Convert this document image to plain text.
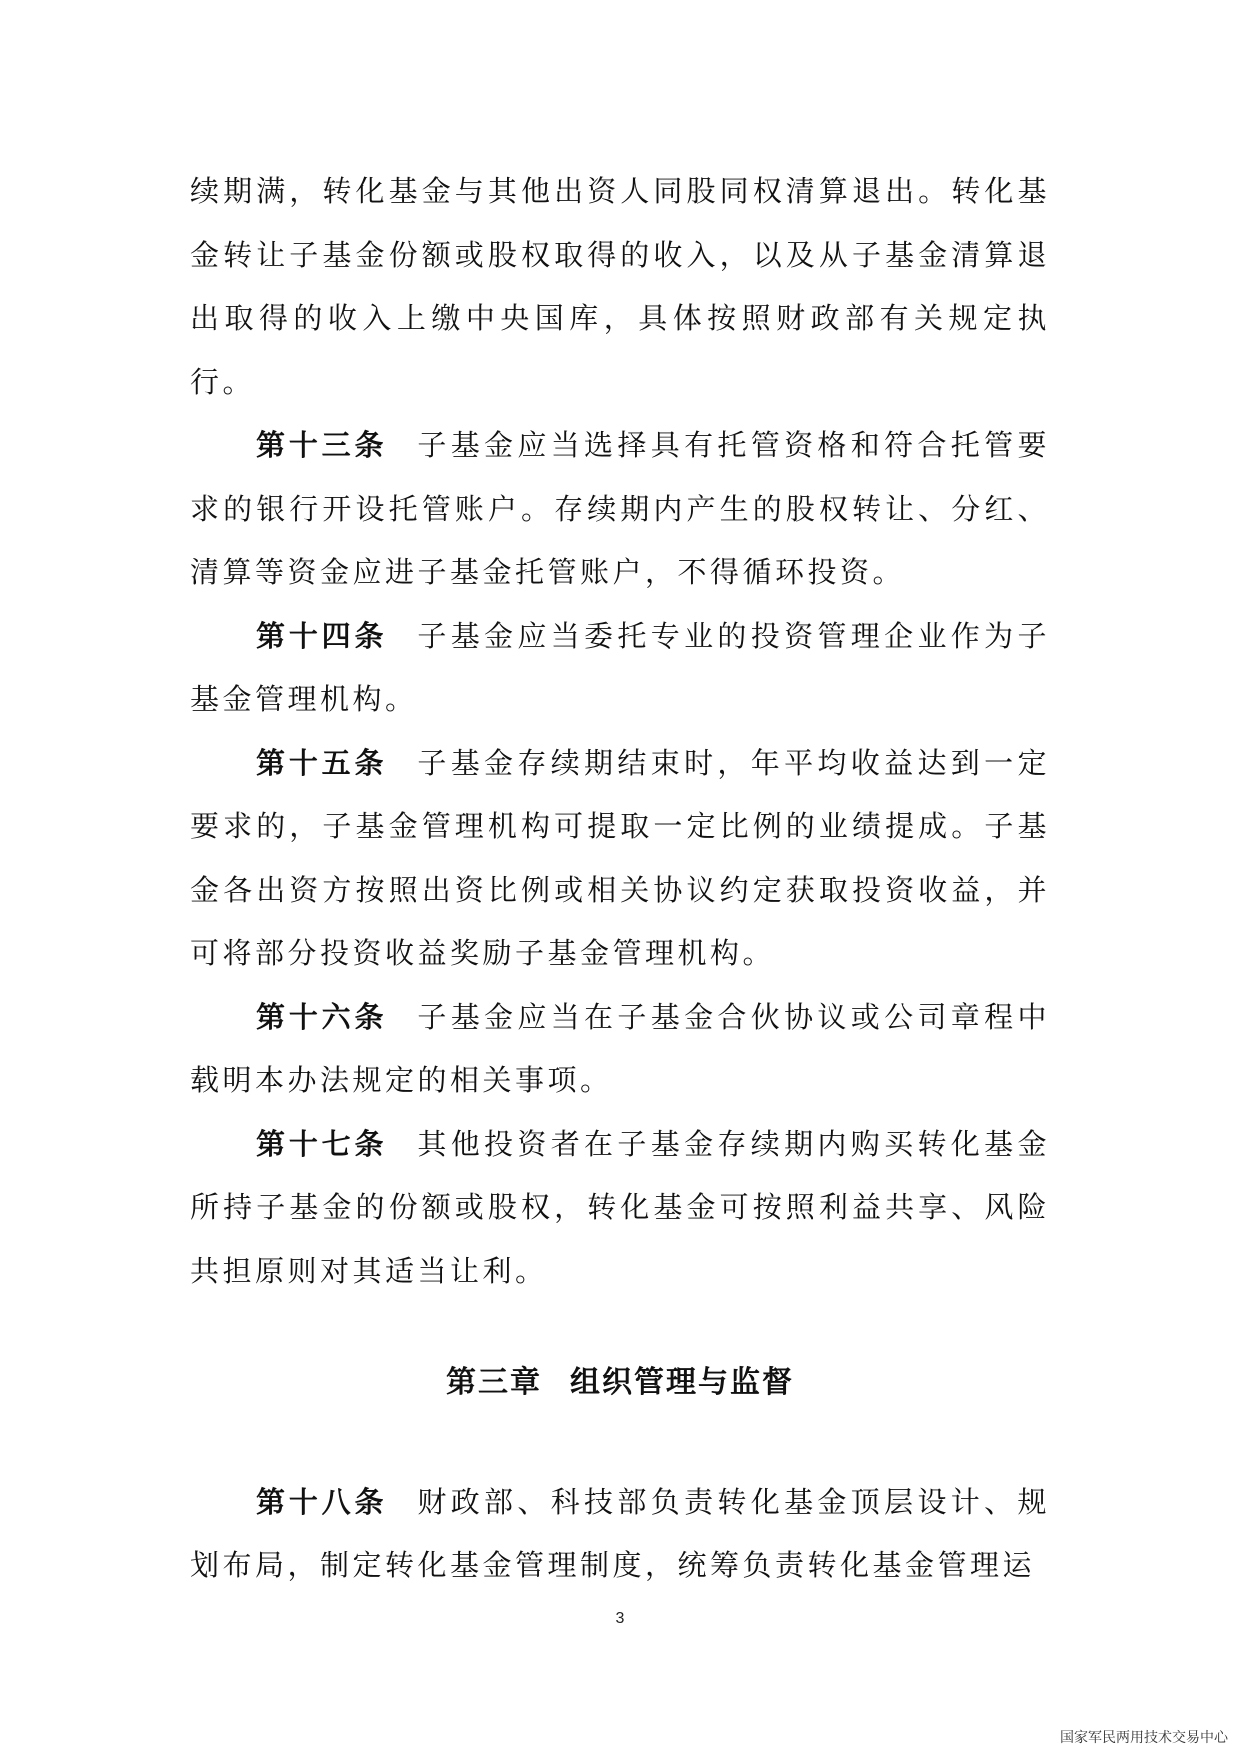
续期满，转化基金与其他出资人同股同权清算退出。转化基金转让子基金份额或股权取得的收入，以及从子基金清算退出取得的收入上缴中央国库，具体按照财政部有关规定执行。

第十三条 子基金应当选择具有托管资格和符合托管要求的银行开设托管账户。存续期内产生的股权转让、分红、清算等资金应进子基金托管账户，不得循环投资。

第十四条 子基金应当委托专业的投资管理企业作为子基金管理机构。

第十五条 子基金存续期结束时，年平均收益达到一定要求的，子基金管理机构可提取一定比例的业绩提成。子基金各出资方按照出资比例或相关协议约定获取投资收益，并可将部分投资收益奖励子基金管理机构。

第十六条 子基金应当在子基金合伙协议或公司章程中载明本办法规定的相关事项。

第十七条 其他投资者在子基金存续期内购买转化基金所持子基金的份额或股权，转化基金可按照利益共享、风险共担原则对其适当让利。

第三章 组织管理与监督

第十八条 财政部、科技部负责转化基金顶层设计、规划布局，制定转化基金管理制度，统筹负责转化基金管理运

3
国家军民两用技术交易中心
